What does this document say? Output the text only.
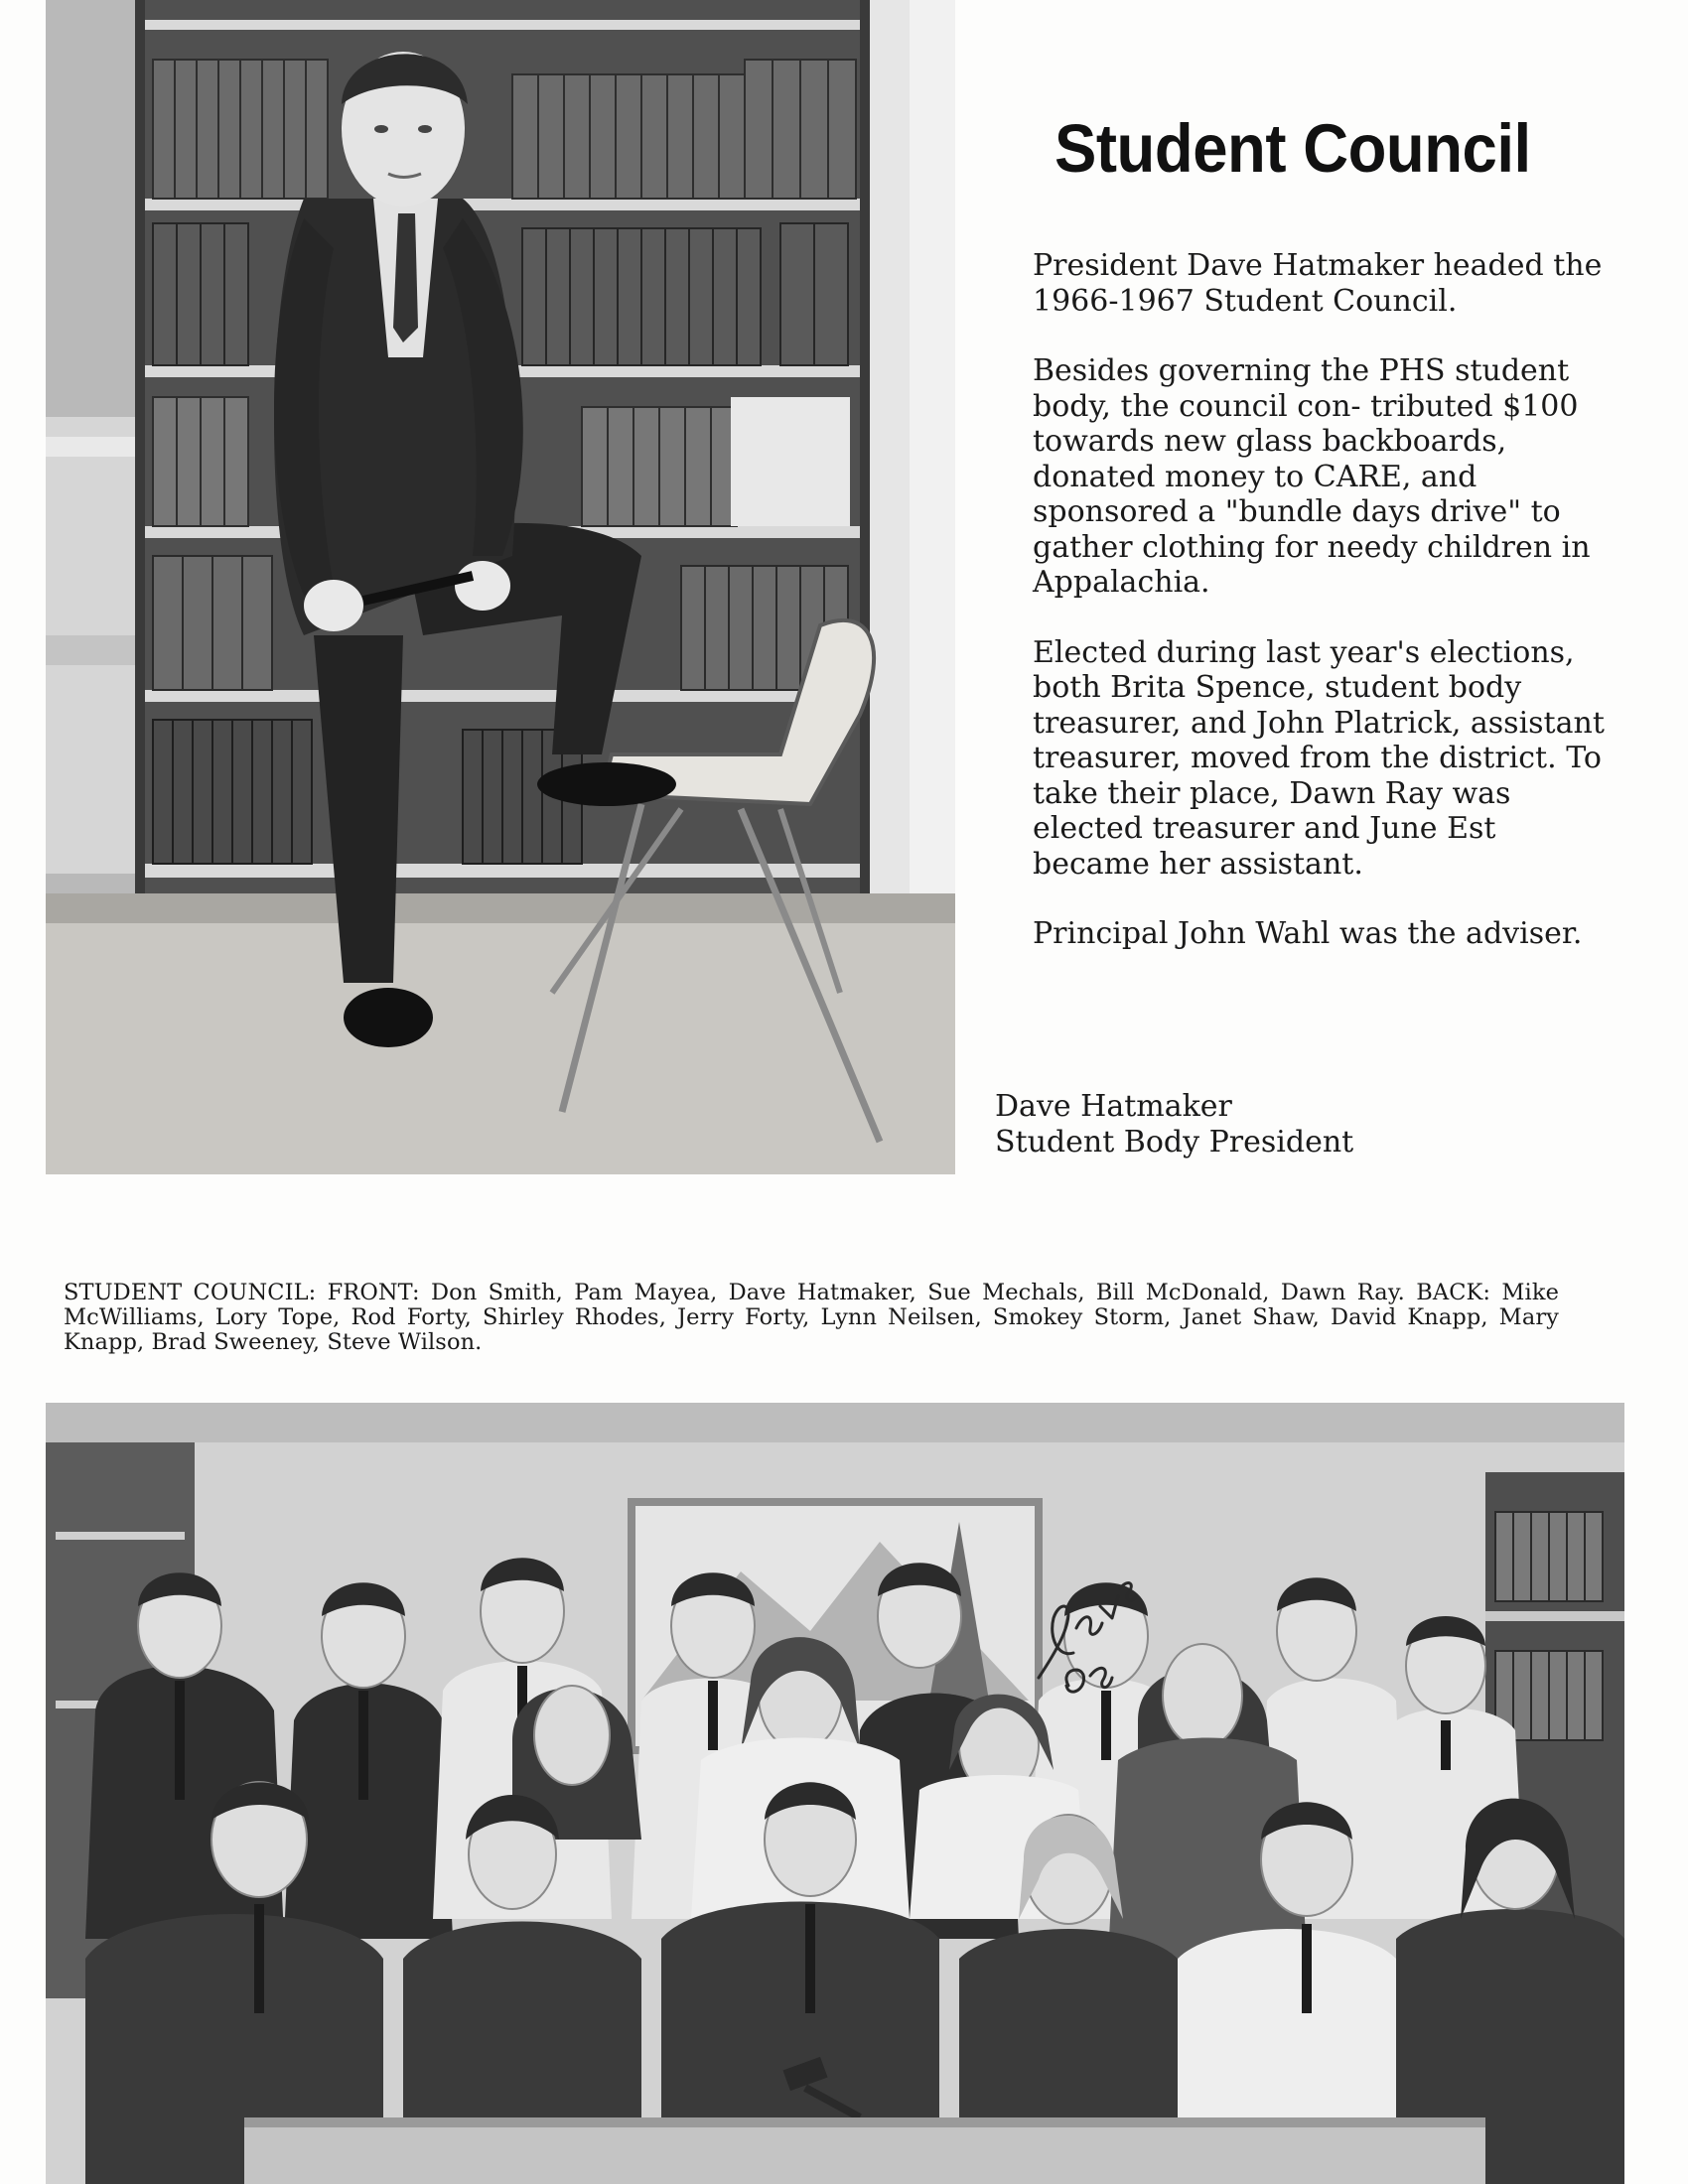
Student Council

President Dave Hatmaker headed the 1966-1967 Student Council.

Besides governing the PHS student body, the council con- tributed $100 towards new glass backboards, donated money to CARE, and sponsored a "bundle days drive" to gather clothing for needy children in Appalachia.

Elected during last year's elections, both Brita Spence, student body treasurer, and John Platrick, assistant treasurer, moved from the district. To take their place, Dawn Ray was elected treasurer and June Est became her assistant.

Principal John Wahl was the adviser.

Dave Hatmaker
Student Body President
STUDENT COUNCIL: FRONT: Don Smith, Pam Mayea, Dave Hatmaker, Sue Mechals, Bill McDonald, Dawn Ray. BACK: Mike McWilliams, Lory Tope, Rod Forty, Shirley Rhodes, Jerry Forty, Lynn Neilsen, Smokey Storm, Janet Shaw, David Knapp, Mary Knapp, Brad Sweeney, Steve Wilson.
